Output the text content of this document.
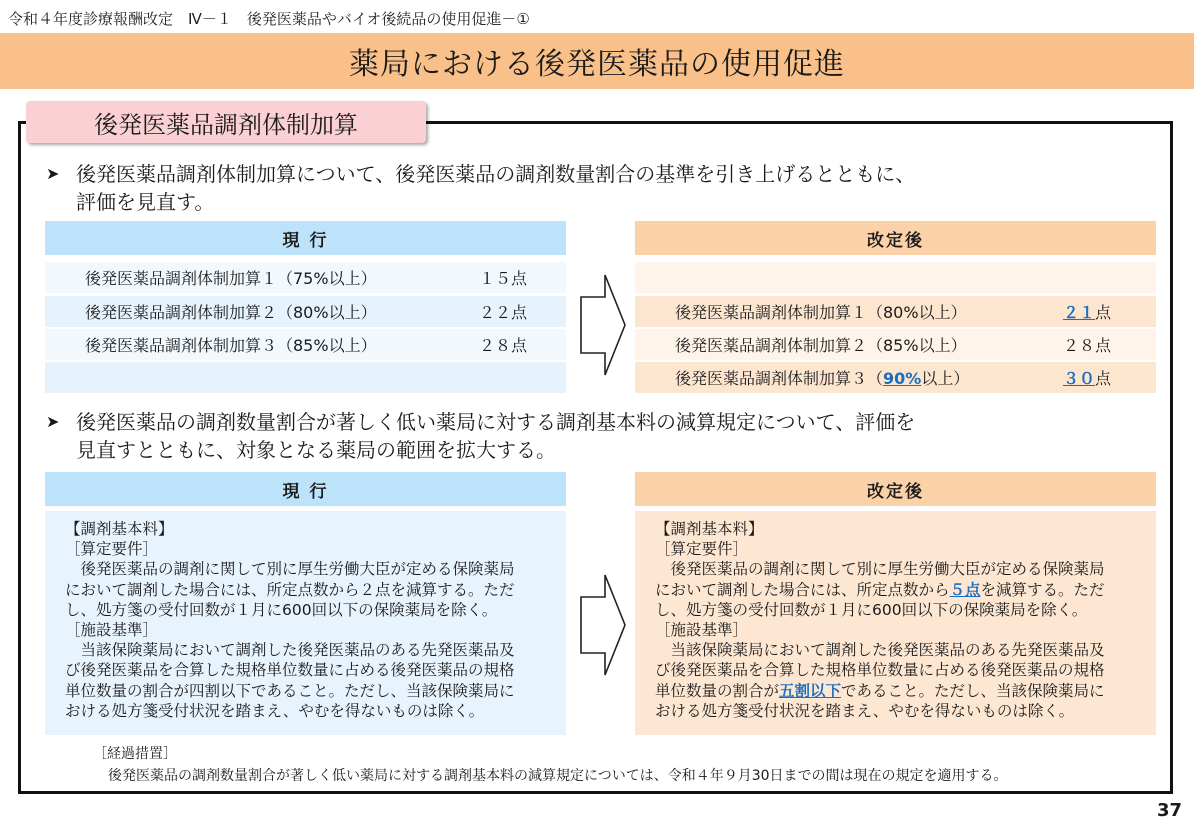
令和４年度診療報酬改定　Ⅳ－１　後発医薬品やバイオ後続品の使用促進－①
薬局における後発医薬品の使用促進
後発医薬品調剤体制加算
➤ 後発医薬品調剤体制加算について、後発医薬品の調剤数量割合の基準を引き上げるとともに、
評価を見直す。
現 行
後発医薬品調剤体制加算１（75%以上）	１５点
後発医薬品調剤体制加算２（80%以上）	２２点
後発医薬品調剤体制加算３（85%以上）	２８点
改定後
後発医薬品調剤体制加算１（80%以上）	２１点
後発医薬品調剤体制加算２（85%以上）	２８点
後発医薬品調剤体制加算３（90%以上）	３０点
➤ 後発医薬品の調剤数量割合が著しく低い薬局に対する調剤基本料の減算規定について、評価を
見直すとともに、対象となる薬局の範囲を拡大する。
現 行	改定後

【調剤基本料】

［算定要件］

　後発医薬品の調剤に関して別に厚生労働大臣が定める保険薬局

において調剤した場合には、所定点数から２点を減算する。ただ

し、処方箋の受付回数が１月に600回以下の保険薬局を除く。

［施設基準］

　当該保険薬局において調剤した後発医薬品のある先発医薬品及

び後発医薬品を合算した規格単位数量に占める後発医薬品の規格

単位数量の割合が四割以下であること。ただし、当該保険薬局に

おける処方箋受付状況を踏まえ、やむを得ないものは除く。

【調剤基本料】

［算定要件］

　後発医薬品の調剤に関して別に厚生労働大臣が定める保険薬局

において調剤した場合には、所定点数から５点を減算する。ただ

し、処方箋の受付回数が１月に600回以下の保険薬局を除く。

［施設基準］

　当該保険薬局において調剤した後発医薬品のある先発医薬品及

び後発医薬品を合算した規格単位数量に占める後発医薬品の規格

単位数量の割合が五割以下であること。ただし、当該保険薬局に

おける処方箋受付状況を踏まえ、やむを得ないものは除く。

［経過措置］
後発医薬品の調剤数量割合が著しく低い薬局に対する調剤基本料の減算規定については、令和４年９月30日までの間は現在の規定を適用する。
37
